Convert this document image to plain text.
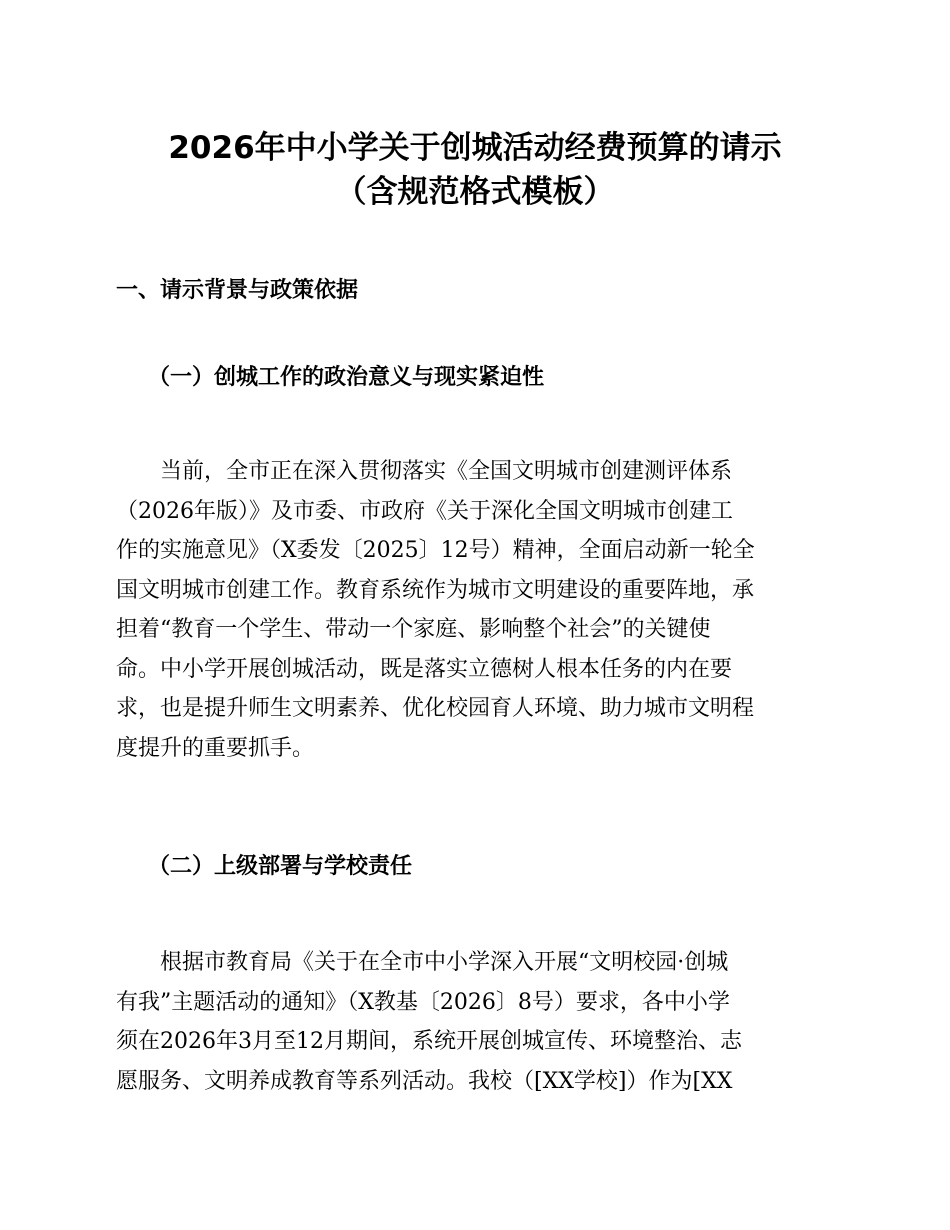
2026年中小学关于创城活动经费预算的请示
（含规范格式模板）
一、请示背景与政策依据
（一）创城工作的政治意义与现实紧迫性
　　当前，全市正在深入贯彻落实《全国文明城市创建测评体系
（2026年版）》及市委、市政府《关于深化全国文明城市创建工
作的实施意见》（X委发〔2025〕12号）精神，全面启动新一轮全
国文明城市创建工作。教育系统作为城市文明建设的重要阵地，承
担着“教育一个学生、带动一个家庭、影响整个社会”的关键使
命。中小学开展创城活动，既是落实立德树人根本任务的内在要
求，也是提升师生文明素养、优化校园育人环境、助力城市文明程
度提升的重要抓手。
（二）上级部署与学校责任
　　根据市教育局《关于在全市中小学深入开展“文明校园·创城
有我”主题活动的通知》（X教基〔2026〕8号）要求，各中小学
须在2026年3月至12月期间，系统开展创城宣传、环境整治、志
愿服务、文明养成教育等系列活动。我校（[XX学校]）作为[XX
